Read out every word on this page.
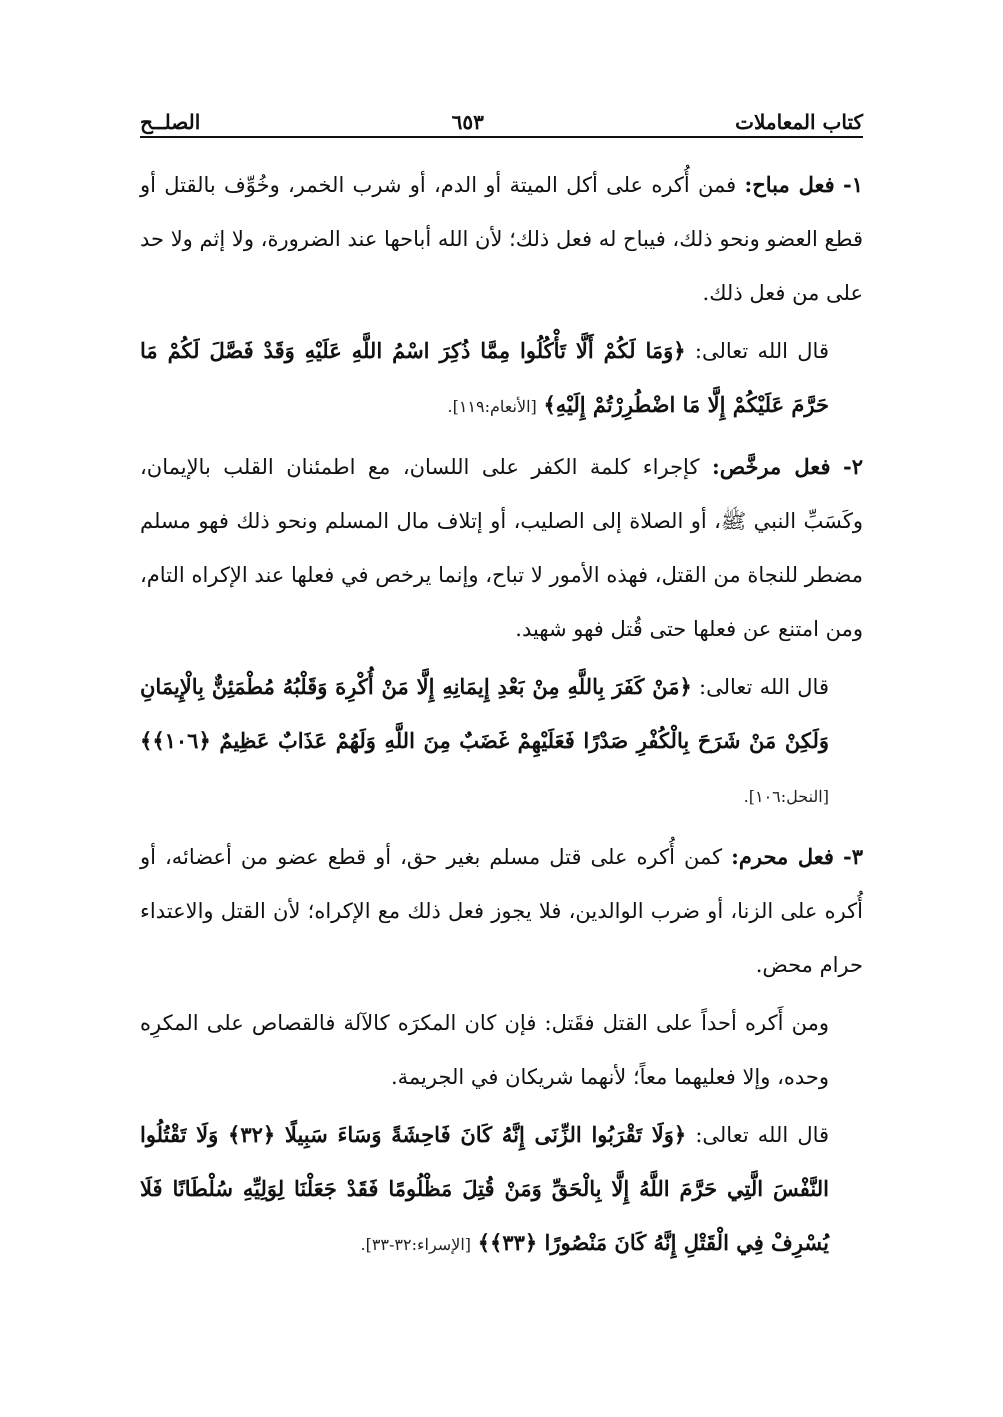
كتاب المعاملات
٦٥٣
الصلــح
١- فعل مباح: فمن أُكره على أكل الميتة أو الدم، أو شرب الخمر، وخُوِّف بالقتل أو قطع العضو ونحو ذلك، فيباح له فعل ذلك؛ لأن الله أباحها عند الضرورة، ولا إثم ولا حد على من فعل ذلك.
قال الله تعالى: ﴿وَمَا لَكُمْ أَلَّا تَأْكُلُوا مِمَّا ذُكِرَ اسْمُ اللَّهِ عَلَيْهِ وَقَدْ فَصَّلَ لَكُمْ مَا حَرَّمَ عَلَيْكُمْ إِلَّا مَا اضْطُرِرْتُمْ إِلَيْهِ﴾ [الأنعام:١١٩].
٢- فعل مرخَّص: كإجراء كلمة الكفر على اللسان، مع اطمئنان القلب بالإيمان، وكَسَبِّ النبي ﷺ، أو الصلاة إلى الصليب، أو إتلاف مال المسلم ونحو ذلك فهو مسلم مضطر للنجاة من القتل، فهذه الأمور لا تباح، وإنما يرخص في فعلها عند الإكراه التام، ومن امتنع عن فعلها حتى قُتل فهو شهيد.
قال الله تعالى: ﴿مَنْ كَفَرَ بِاللَّهِ مِنْ بَعْدِ إِيمَانِهِ إِلَّا مَنْ أُكْرِهَ وَقَلْبُهُ مُطْمَئِنٌّ بِالْإِيمَانِ وَلَكِنْ مَنْ شَرَحَ بِالْكُفْرِ صَدْرًا فَعَلَيْهِمْ غَضَبٌ مِنَ اللَّهِ وَلَهُمْ عَذَابٌ عَظِيمٌ ﴿١٠٦﴾﴾ [النحل:١٠٦].
٣- فعل محرم: كمن أُكره على قتل مسلم بغير حق، أو قطع عضو من أعضائه، أو أُكره على الزنا، أو ضرب الوالدين، فلا يجوز فعل ذلك مع الإكراه؛ لأن القتل والاعتداء حرام محض.
ومن أَكره أحداً على القتل فقَتل: فإن كان المكرَه كالآلة فالقصاص على المكرِه وحده، وإلا فعليهما معاً؛ لأنهما شريكان في الجريمة.
قال الله تعالى: ﴿وَلَا تَقْرَبُوا الزِّنَى إِنَّهُ كَانَ فَاحِشَةً وَسَاءَ سَبِيلًا ﴿٣٢﴾ وَلَا تَقْتُلُوا النَّفْسَ الَّتِي حَرَّمَ اللَّهُ إِلَّا بِالْحَقِّ وَمَنْ قُتِلَ مَظْلُومًا فَقَدْ جَعَلْنَا لِوَلِيِّهِ سُلْطَانًا فَلَا يُسْرِفْ فِي الْقَتْلِ إِنَّهُ كَانَ مَنْصُورًا ﴿٣٣﴾﴾ [الإسراء:٣٢-٣٣].
